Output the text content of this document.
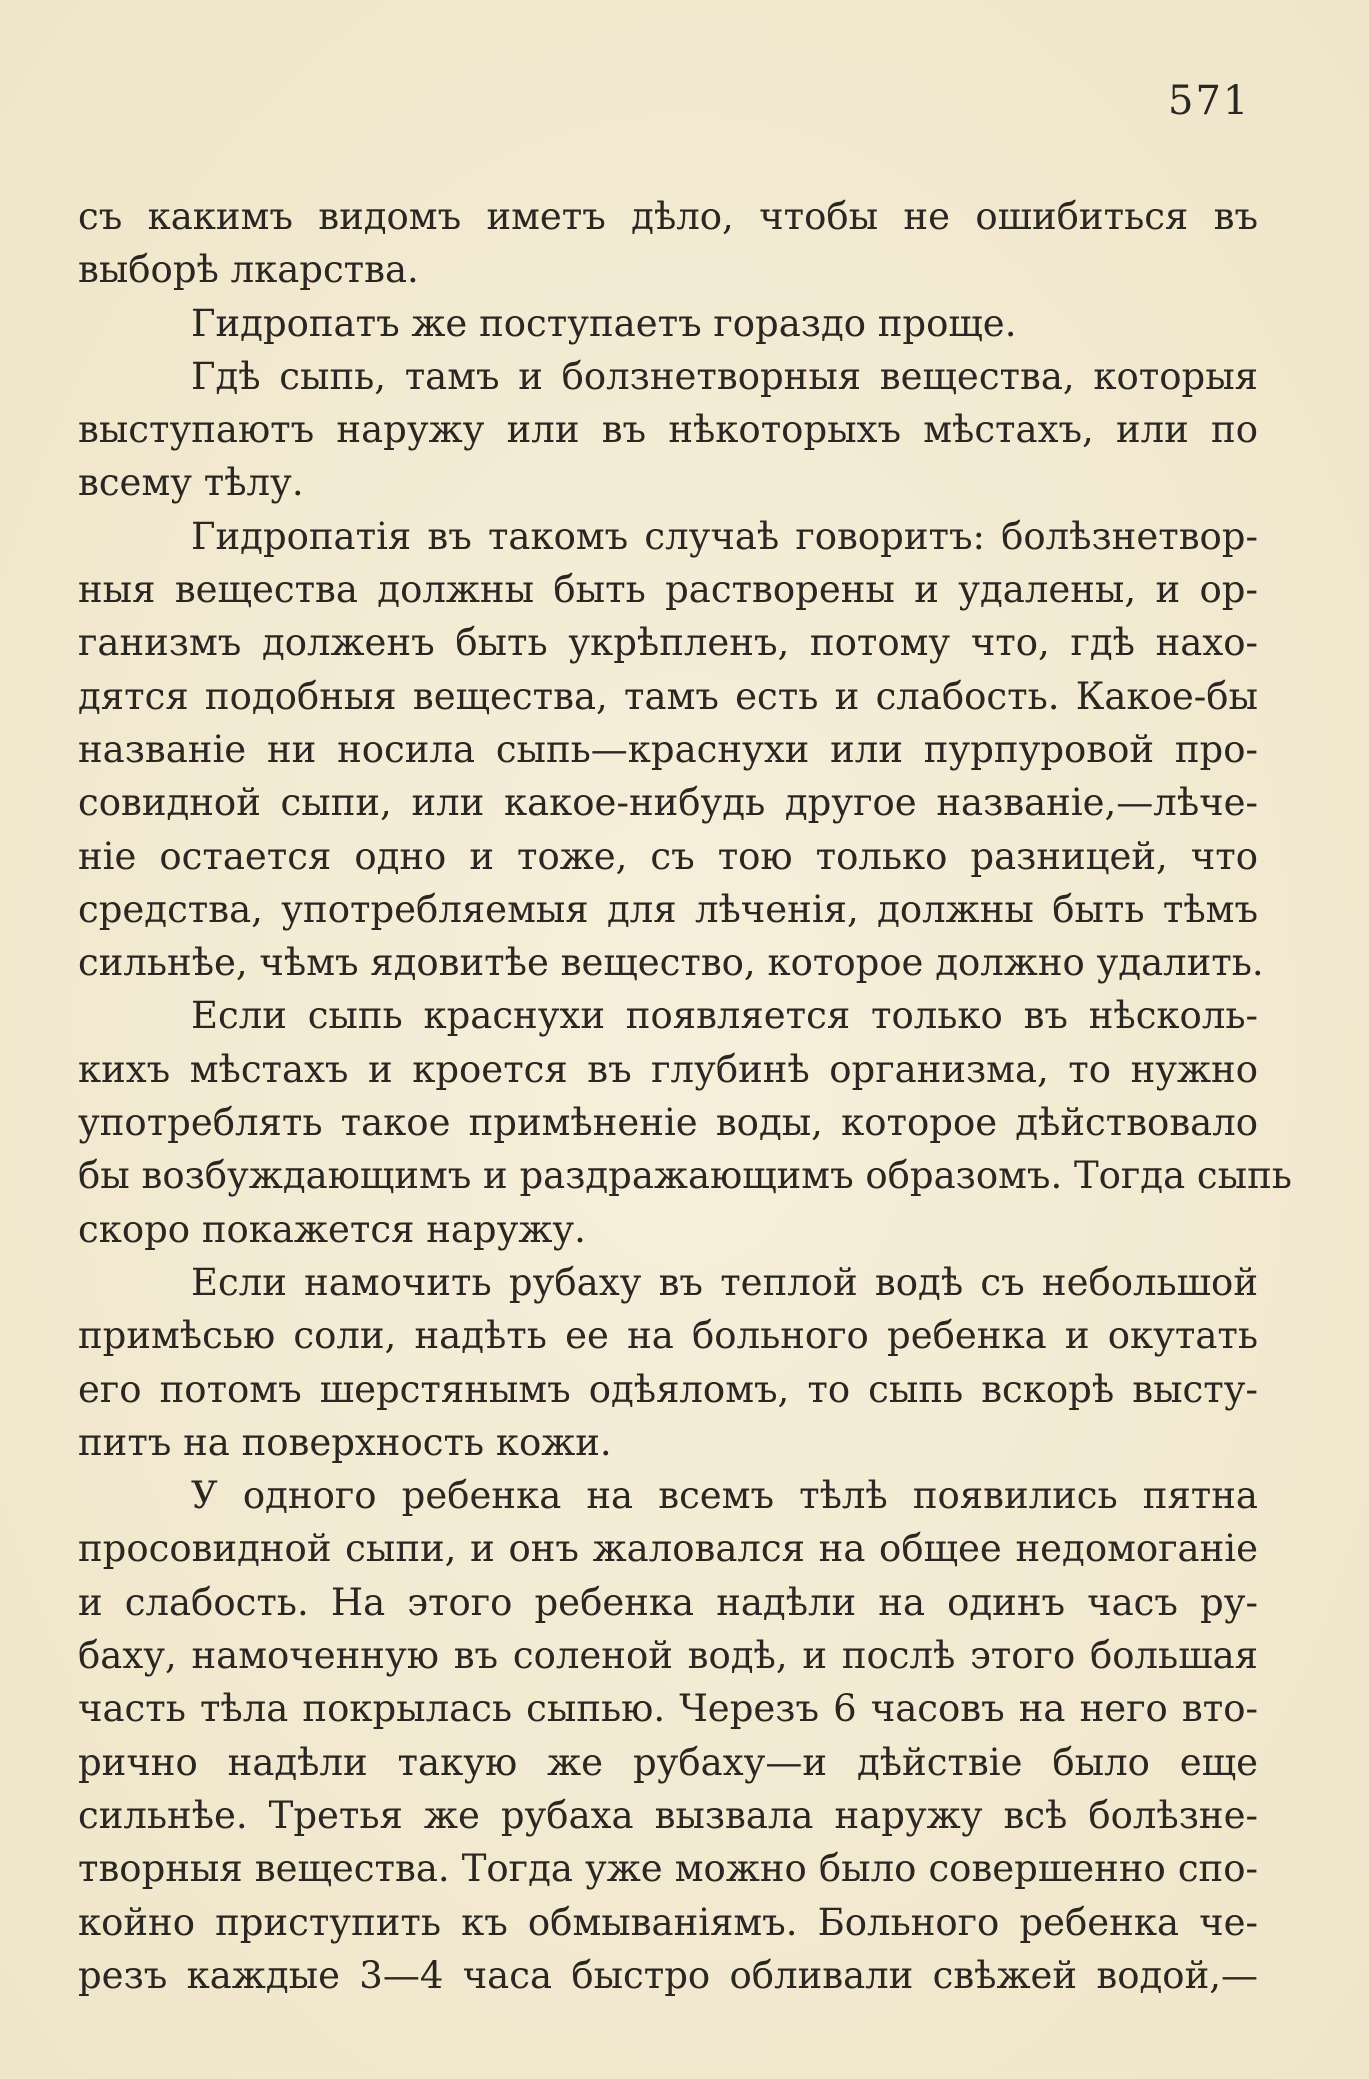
571
съ какимъ видомъ иметъ дѣло, чтобы не ошибиться въ
выборѣ лкарства.
Гидропатъ же поступаетъ гораздо проще.
Гдѣ сыпь, тамъ и болзнетворныя вещества, которыя
выступаютъ наружу или въ нѣкоторыхъ мѣстахъ, или по
всему тѣлу.
Гидропатія въ такомъ случаѣ говоритъ: болѣзнетвор-
ныя вещества должны быть растворены и удалены, и ор-
ганизмъ долженъ быть укрѣпленъ, потому что, гдѣ нахо-
дятся подобныя вещества, тамъ есть и слабость. Какое-бы
названіе ни носила сыпь—краснухи или пурпуровой про-
совидной сыпи, или какое-нибудь другое названіе,—лѣче-
ніе остается одно и тоже, съ тою только разницей, что
средства, употребляемыя для лѣченія, должны быть тѣмъ
сильнѣе, чѣмъ ядовитѣе вещество, которое должно удалить.
Если сыпь краснухи появляется только въ нѣсколь-
кихъ мѣстахъ и кроется въ глубинѣ организма, то нужно
употреблять такое примѣненіе воды, которое дѣйствовало
бы возбуждающимъ и раздражающимъ образомъ. Тогда сыпь
скоро покажется наружу.
Если намочить рубаху въ теплой водѣ съ небольшой
примѣсью соли, надѣть ее на больного ребенка и окутать
его потомъ шерстянымъ одѣяломъ, то сыпь вскорѣ высту-
питъ на поверхность кожи.
У одного ребенка на всемъ тѣлѣ появились пятна
просовидной сыпи, и онъ жаловался на общее недомоганіе
и слабость. На этого ребенка надѣли на одинъ часъ ру-
баху, намоченную въ соленой водѣ, и послѣ этого большая
часть тѣла покрылась сыпью. Черезъ 6 часовъ на него вто-
рично надѣли такую же рубаху—и дѣйствіе было еще
сильнѣе. Третья же рубаха вызвала наружу всѣ болѣзне-
творныя вещества. Тогда уже можно было совершенно спо-
койно приступить къ обмываніямъ. Больного ребенка че-
резъ каждые 3—4 часа быстро обливали свѣжей водой,—
